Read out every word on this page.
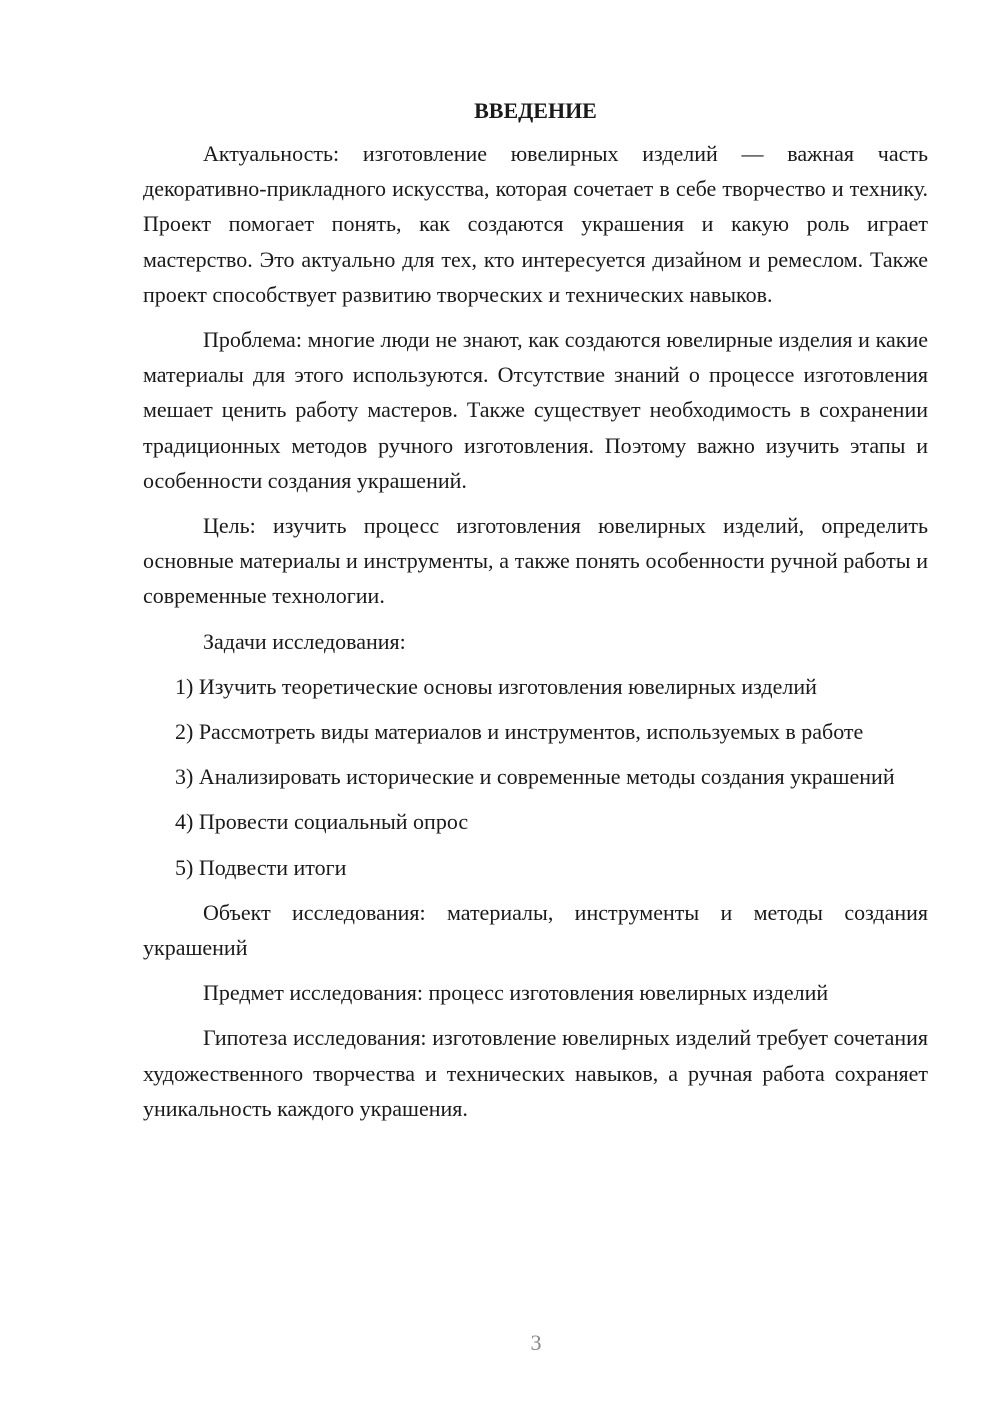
ВВЕДЕНИЕ

Актуальность: изготовление ювелирных изделий — важная часть декоративно-прикладного искусства, которая сочетает в себе творчество и технику. Проект помогает понять, как создаются украшения и какую роль играет мастерство. Это актуально для тех, кто интересуется дизайном и ремеслом. Также проект способствует развитию творческих и технических навыков.

Проблема: многие люди не знают, как создаются ювелирные изделия и какие материалы для этого используются. Отсутствие знаний о процессе изготовления мешает ценить работу мастеров. Также существует необходимость в сохранении традиционных методов ручного изготовления. Поэтому важно изучить этапы и особенности создания украшений.

Цель: изучить процесс изготовления ювелирных изделий, определить основные материалы и инструменты, а также понять особенности ручной работы и современные технологии.

Задачи исследования:

1) Изучить теоретические основы изготовления ювелирных изделий

2) Рассмотреть виды материалов и инструментов, используемых в работе

3) Анализировать исторические и современные методы создания украшений

4) Провести социальный опрос

5) Подвести итоги

Объект исследования: материалы, инструменты и методы создания украшений

Предмет исследования: процесс изготовления ювелирных изделий

Гипотеза исследования: изготовление ювелирных изделий требует сочетания художественного творчества и технических навыков, а ручная работа сохраняет уникальность каждого украшения.

3
